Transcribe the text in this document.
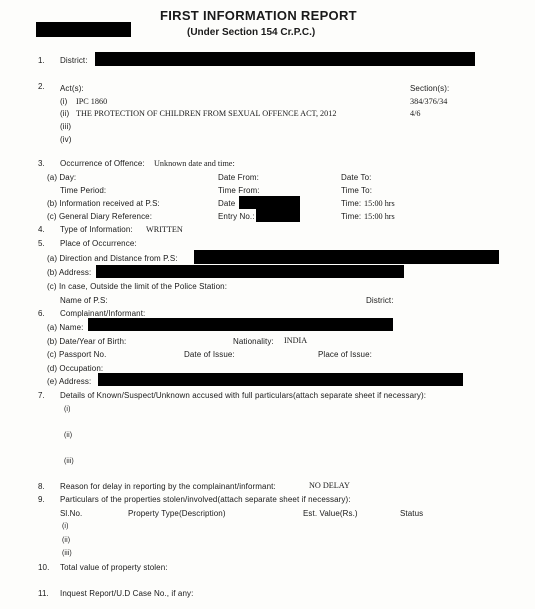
FIRST INFORMATION REPORT
(Under Section 154 Cr.P.C.)
1. District:
2. Act(s):	Section(s):
(i) IPC 1860	384/376/34
(ii) THE PROTECTION OF CHILDREN FROM SEXUAL OFFENCE ACT, 2012	4/6
(iii)
(iv)
3. Occurrence of Offence: Unknown date and time:
(a) Day:	Date From:	Date To:
Time Period:	Time From:	Time To:
(b) Information received at P.S:	Date	Time: 15:00 hrs
(c) General Diary Reference:	Entry No.:	Time: 15:00 hrs
4. Type of Information: WRITTEN
5. Place of Occurrence:
(a) Direction and Distance from P.S:
(b) Address:
(c) In case, Outside the limit of the Police Station:
Name of P.S:	District:
6. Complainant/Informant:
(a) Name:
(b) Date/Year of Birth:	Nationality: INDIA
(c) Passport No.	Date of Issue:	Place of Issue:
(d) Occupation:
(e) Address:
7. Details of Known/Suspect/Unknown accused with full particulars(attach separate sheet if necessary):
(i)
(ii)
(iii)
8. Reason for delay in reporting by the complainant/informant:	NO DELAY
9. Particulars of the properties stolen/involved(attach separate sheet if necessary):
Sl.No.	Property Type(Description)	Est. Value(Rs.)	Status
(i)
(ii)
(iii)
10. Total value of property stolen:
11. Inquest Report/U.D Case No., if any:
